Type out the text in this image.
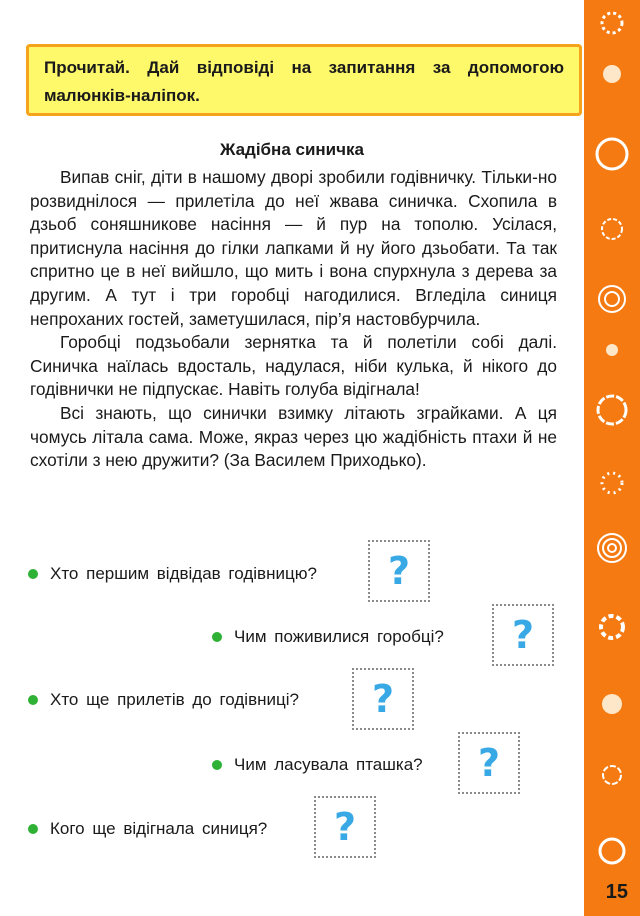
15
Прочитай. Дай відповіді на запитання за допомогою малюнків-наліпок.
Жадібна синичка

Випав сніг, діти в нашому дворі зробили годівничку. Тільки-но розвиднілося — прилетіла до неї жвава синичка. Схопила в дзьоб соняшникове насіння — й пур на тополю. Усілася, притиснула насіння до гілки лапками й ну його дзьобати. Та так спритно це в неї вийшло, що мить і вона спурхнула з дерева за другим. А тут і три горобці нагодилися. Вгледіла синиця непроханих гостей, заметушилася, пір’я настовбурчила.

Горобці подзьобали зернятка та й полетіли собі далі. Синичка наїлась вдосталь, надулася, ніби кулька, й нікого до годівнички не підпускає. Навіть голуба відігнала!

Всі знають, що синички взимку літають зграйками. А ця чомусь літала сама. Може, якраз через цю жадібність птахи й не схотіли з нею дружити? (За Василем Приходько).

Хто першим відвідав годівницю? ?
Чим поживилися горобці? ?
Хто ще прилетів до годівниці? ?
Чим ласувала пташка? ?
Кого ще відігнала синиця? ?
